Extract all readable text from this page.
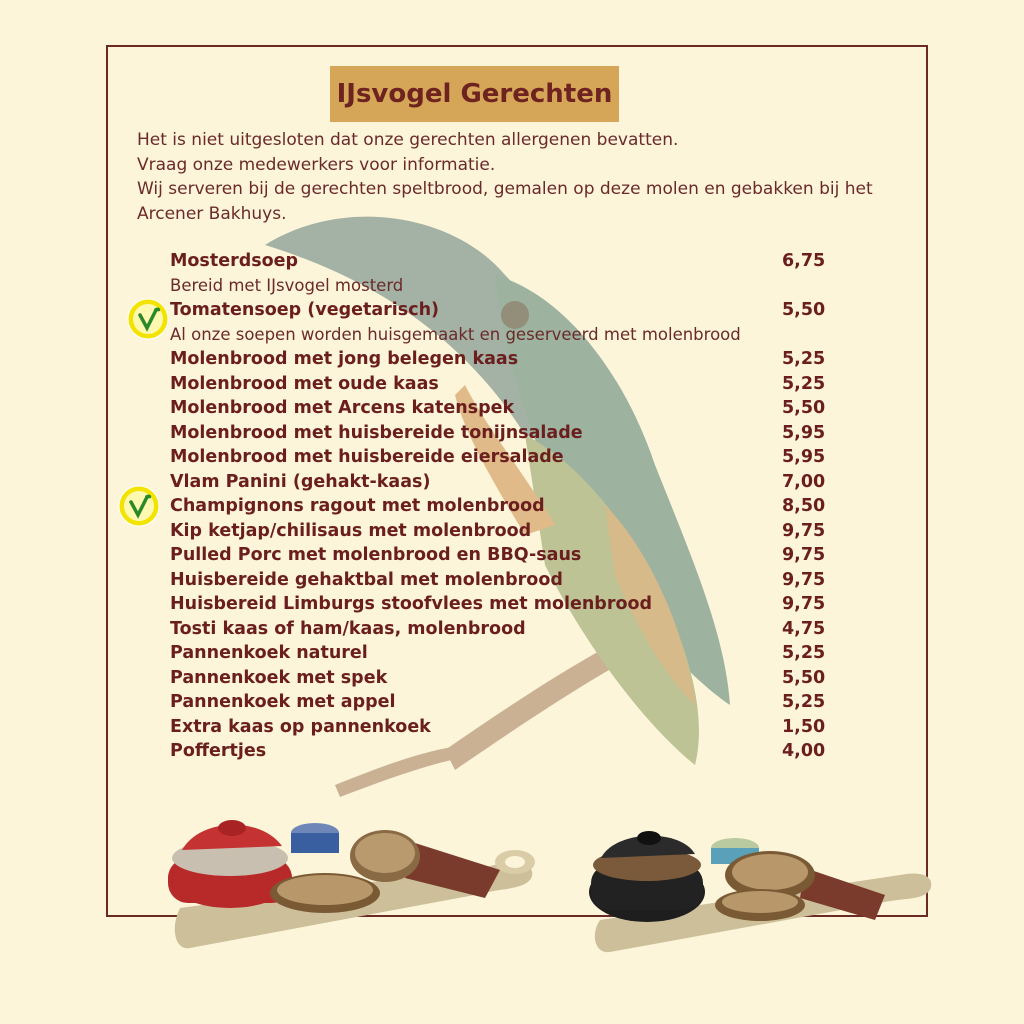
IJsvogel Gerechten
Het is niet uitgesloten dat onze gerechten allergenen bevatten.
Vraag onze medewerkers voor informatie.
Wij serveren bij de gerechten speltbrood, gemalen op deze molen en gebakken bij het
Arcener Bakhuys.
Mosterdsoep	6,75
Bereid met IJsvogel mosterd
Tomatensoep (vegetarisch)	5,50
Al onze soepen worden huisgemaakt en geserveerd met molenbrood
Molenbrood met jong belegen kaas	5,25
Molenbrood met oude kaas	5,25
Molenbrood met Arcens katenspek	5,50
Molenbrood met huisbereide tonijnsalade	5,95
Molenbrood met huisbereide eiersalade	5,95
Vlam Panini (gehakt-kaas)	7,00
Champignons ragout met molenbrood	8,50
Kip ketjap/chilisaus met molenbrood	9,75
Pulled Porc met molenbrood en BBQ-saus	9,75
Huisbereide gehaktbal met molenbrood	9,75
Huisbereid Limburgs stoofvlees met molenbrood	9,75
Tosti kaas of ham/kaas, molenbrood	4,75
Pannenkoek naturel	5,25
Pannenkoek met spek	5,50
Pannenkoek met appel	5,25
Extra kaas op pannenkoek	1,50
Poffertjes	4,00
